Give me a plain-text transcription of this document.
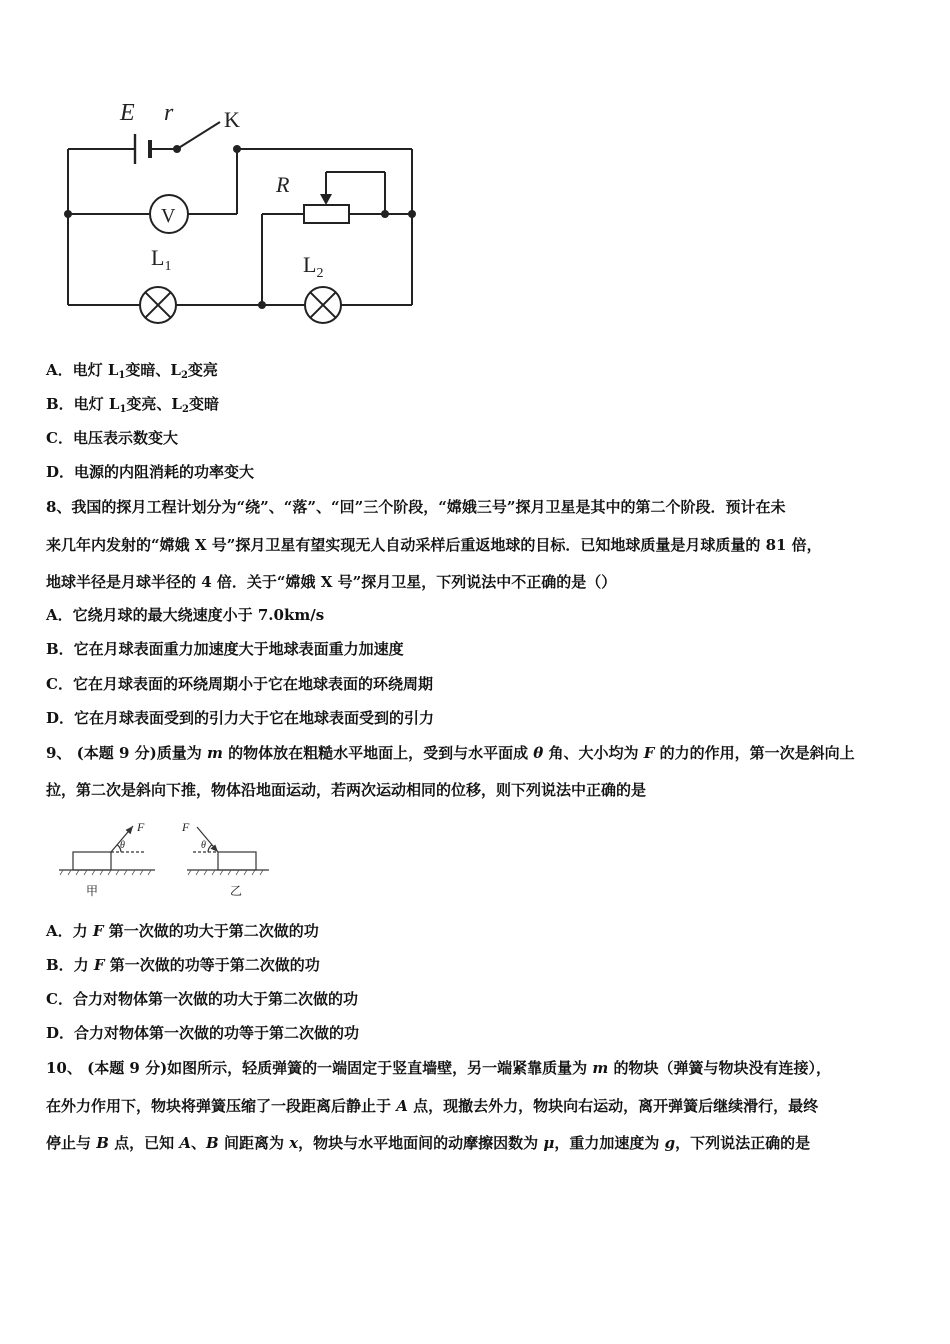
E r K
R
V
$L_1$	$L_2$
A．电灯 $L_1$变暗、$L_2$变亮
B．电灯 $L_1$变亮、$L_2$变暗
C．电压表示数变大
D．电源的内阻消耗的功率变大
8、我国的探月工程计划分为“绕”、“落”、“回”三个阶段，“嫦娥三号”探月卫星是其中的第二个阶段．预计在未
来几年内发射的“嫦娥 X 号”探月卫星有望实现无人自动采样后重返地球的目标．已知地球质量是月球质量的 81 倍，
地球半径是月球半径的 4 倍．关于“嫦娥 X 号”探月卫星，下列说法中不正确的是（）
A．它绕月球的最大绕速度小于 7.0km/s
B．它在月球表面重力加速度大于地球表面重力加速度
C．它在月球表面的环绕周期小于它在地球表面的环绕周期
D．它在月球表面受到的引力大于它在地球表面受到的引力
9、 (本题 9 分)质量为 m 的物体放在粗糙水平地面上，受到与水平面成 θ 角、大小均为 F 的力的作用，第一次是斜向上
拉，第二次是斜向下推，物体沿地面运动，若两次运动相同的位移，则下列说法中正确的是
F
θ
F
θ
甲	乙
A．力 F 第一次做的功大于第二次做的功
B．力 F 第一次做的功等于第二次做的功
C．合力对物体第一次做的功大于第二次做的功
D．合力对物体第一次做的功等于第二次做的功
10、 (本题 9 分)如图所示，轻质弹簧的一端固定于竖直墙壁，另一端紧靠质量为 m 的物块（弹簧与物块没有连接），
在外力作用下，物块将弹簧压缩了一段距离后静止于 A 点，现撤去外力，物块向右运动，离开弹簧后继续滑行，最终
停止与 B 点，已知 A、B 间距离为 x，物块与水平地面间的动摩擦因数为 μ，重力加速度为 g，下列说法正确的是
